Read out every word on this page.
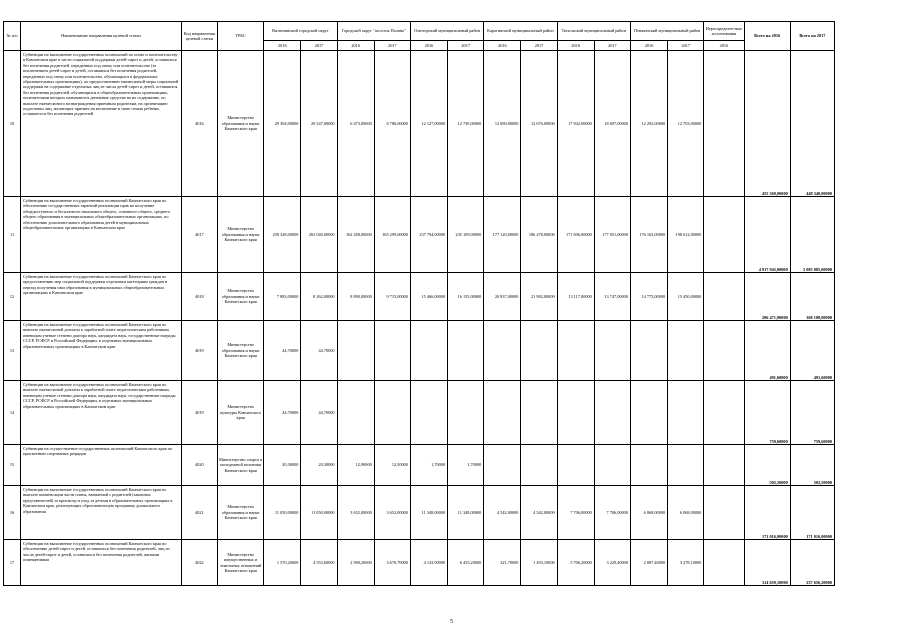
№ п/п	Наименование направления целевой статьи	Код направления целевой статьи	ГРБС	Вилючинский городской округ		Городской округ "поселок Палана"		Олюторский муниципальный район		Карагинский муниципальный район		Тигильский муниципальный район		Пенжинский муниципальный район		Нераспределен-ные ассигнования	Всего на 2016	Всего на 2017
				2016	2017	2016	2017	2016	2017	2016	2017	2016	2017	2016	2017	2016		
10	Субвенции на выполнение государственных полномочий по опеке и попечительству в Камчатском крае в части социальной поддержки детей-сирот и детей, оставшихся без попечения родителей, переданных под опеку или попечительство (за исключением детей-сирот и детей, оставшихся без попечения родителей, переданных под опеку или попечительство, обучающихся в федеральных образовательных организациях), по предоставлению ежемесячной меры социальной поддержки на содержание отдельных лиц из числа детей-сирот и детей, оставшихся без попечения родителей, обучающихся в общеобразовательных организациях, попечителями которых назначаются денежные средства на их содержание, по выплате ежемесячного вознаграждения приемным родителям, на организацию подготовки лиц, желающих принять на воспитание в свою семью ребенка, оставшегося без попечения родителей	4016	Министерство образования и науки Камчатского края	29 394,00000	29 347,00000	6 473,00000	6 786,00000	12 127,00000	12 730,00000	12 080,00000	12 676,00000	17 942,00000	18 697,00000	12 292,00000	12 703,00000		455 369,00000	448 340,00000
11	Субвенции на выполнение государственных полномочий Камчатского края по обеспечению государственных гарантий реализации прав на получение общедоступного и бесплатного начального общего, основного общего, среднего общего образования в муниципальных общеобразовательных организациях, по обеспечению дополнительного образования детей в муниципальных общеобразовательных организациях в Камчатском крае	4017	Министерство образования и науки Камчатского края	259 328,00000	263 040,00000	162 458,00000	165 299,00000	237 794,00000	235 109,00000	177 120,00000	186 278,00000	171 696,00000	177 051,00000	176 163,00000	198 612,00000		4 917 945,00000	5 085 085,00000
12	Субвенции на выполнение государственных полномочий Камчатского края по предоставлению мер социальной поддержки отдельным категориям граждан в период получения ими образования в муниципальных общеобразовательных организациях в Камчатском крае	4018	Министерство образования и науки Камчатского края	7 883,00000	8 262,00000	8 890,00000	9 715,00000	15 466,00000	16 155,00000	20 837,00000	21 982,00000	13 117,00000	13 747,00000	14 775,00000	15 450,00000		286 471,00000	368 108,00000
13	Субвенции на выполнение государственных полномочий Камчатского края по выплате ежемесячной доплаты к заработной плате педагогическим работникам, имеющим ученые степени доктора наук, кандидата наук, государственные награды СССР, РСФСР и Российской Федерации, в отдельных муниципальных образовательных организациях в Камчатском крае	4019	Министерство образования и науки Камчатского края	44,70000	44,70000												491,60000	491,60000
14	Субвенции на выполнение государственных полномочий Камчатского края по выплате ежемесячной доплаты к заработной плате педагогическим работникам, имеющим ученые степени доктора наук, кандидата наук, государственные награды СССР, РСФСР и Российской Федерации, в отдельных муниципальных образовательных организациях в Камчатском крае	4019	Министерство культуры Камчатского края	44,70000	44,70000												759,60000	759,60000
15	Субвенции на осуществление государственных полномочий Камчатского края по присвоению спортивных разрядов	4020	Министерство спорта и молодежной политики Камчатского края	20,30000	20,30000	12,90000	12,50000	1,70000	1,70000								502,50000	502,50000
16	Субвенции на выполнение государственных полномочий Камчатского края по выплате компенсации части платы, взимаемой с родителей (законных представителей) за присмотр и уход за детьми в образовательных организациях в Камчатском крае, реализующих образовательную программу дошкольного образования	4021	Министерство образования и науки Камчатского края	11 050,00000	11 050,00000	3 652,00000	3 652,00000	11 348,00000	11 348,00000	4 542,00000	4 542,00000	7 706,00000	7 706,00000	6 068,00000	6 068,00000		171 016,00000	171 016,00000
17	Субвенции на выполнение государственных полномочий Камчатского края по обеспечению детей-сирот и детей, оставшихся без попечения родителей, лиц из числа детей-сирот и детей, оставшихся без попечения родителей, жилыми помещениями	4022	Министерство имущественных и земельных отношений Камчатского края	1 570,20000	4 553,60000	2 990,20000	3 670,70000	4 143,90000	6 455,20000	321,70000	1 493,10000	5 706,20000	3 229,40000	2 087,40000	3 278,10000		314 659,10000	237 656,20000
5
